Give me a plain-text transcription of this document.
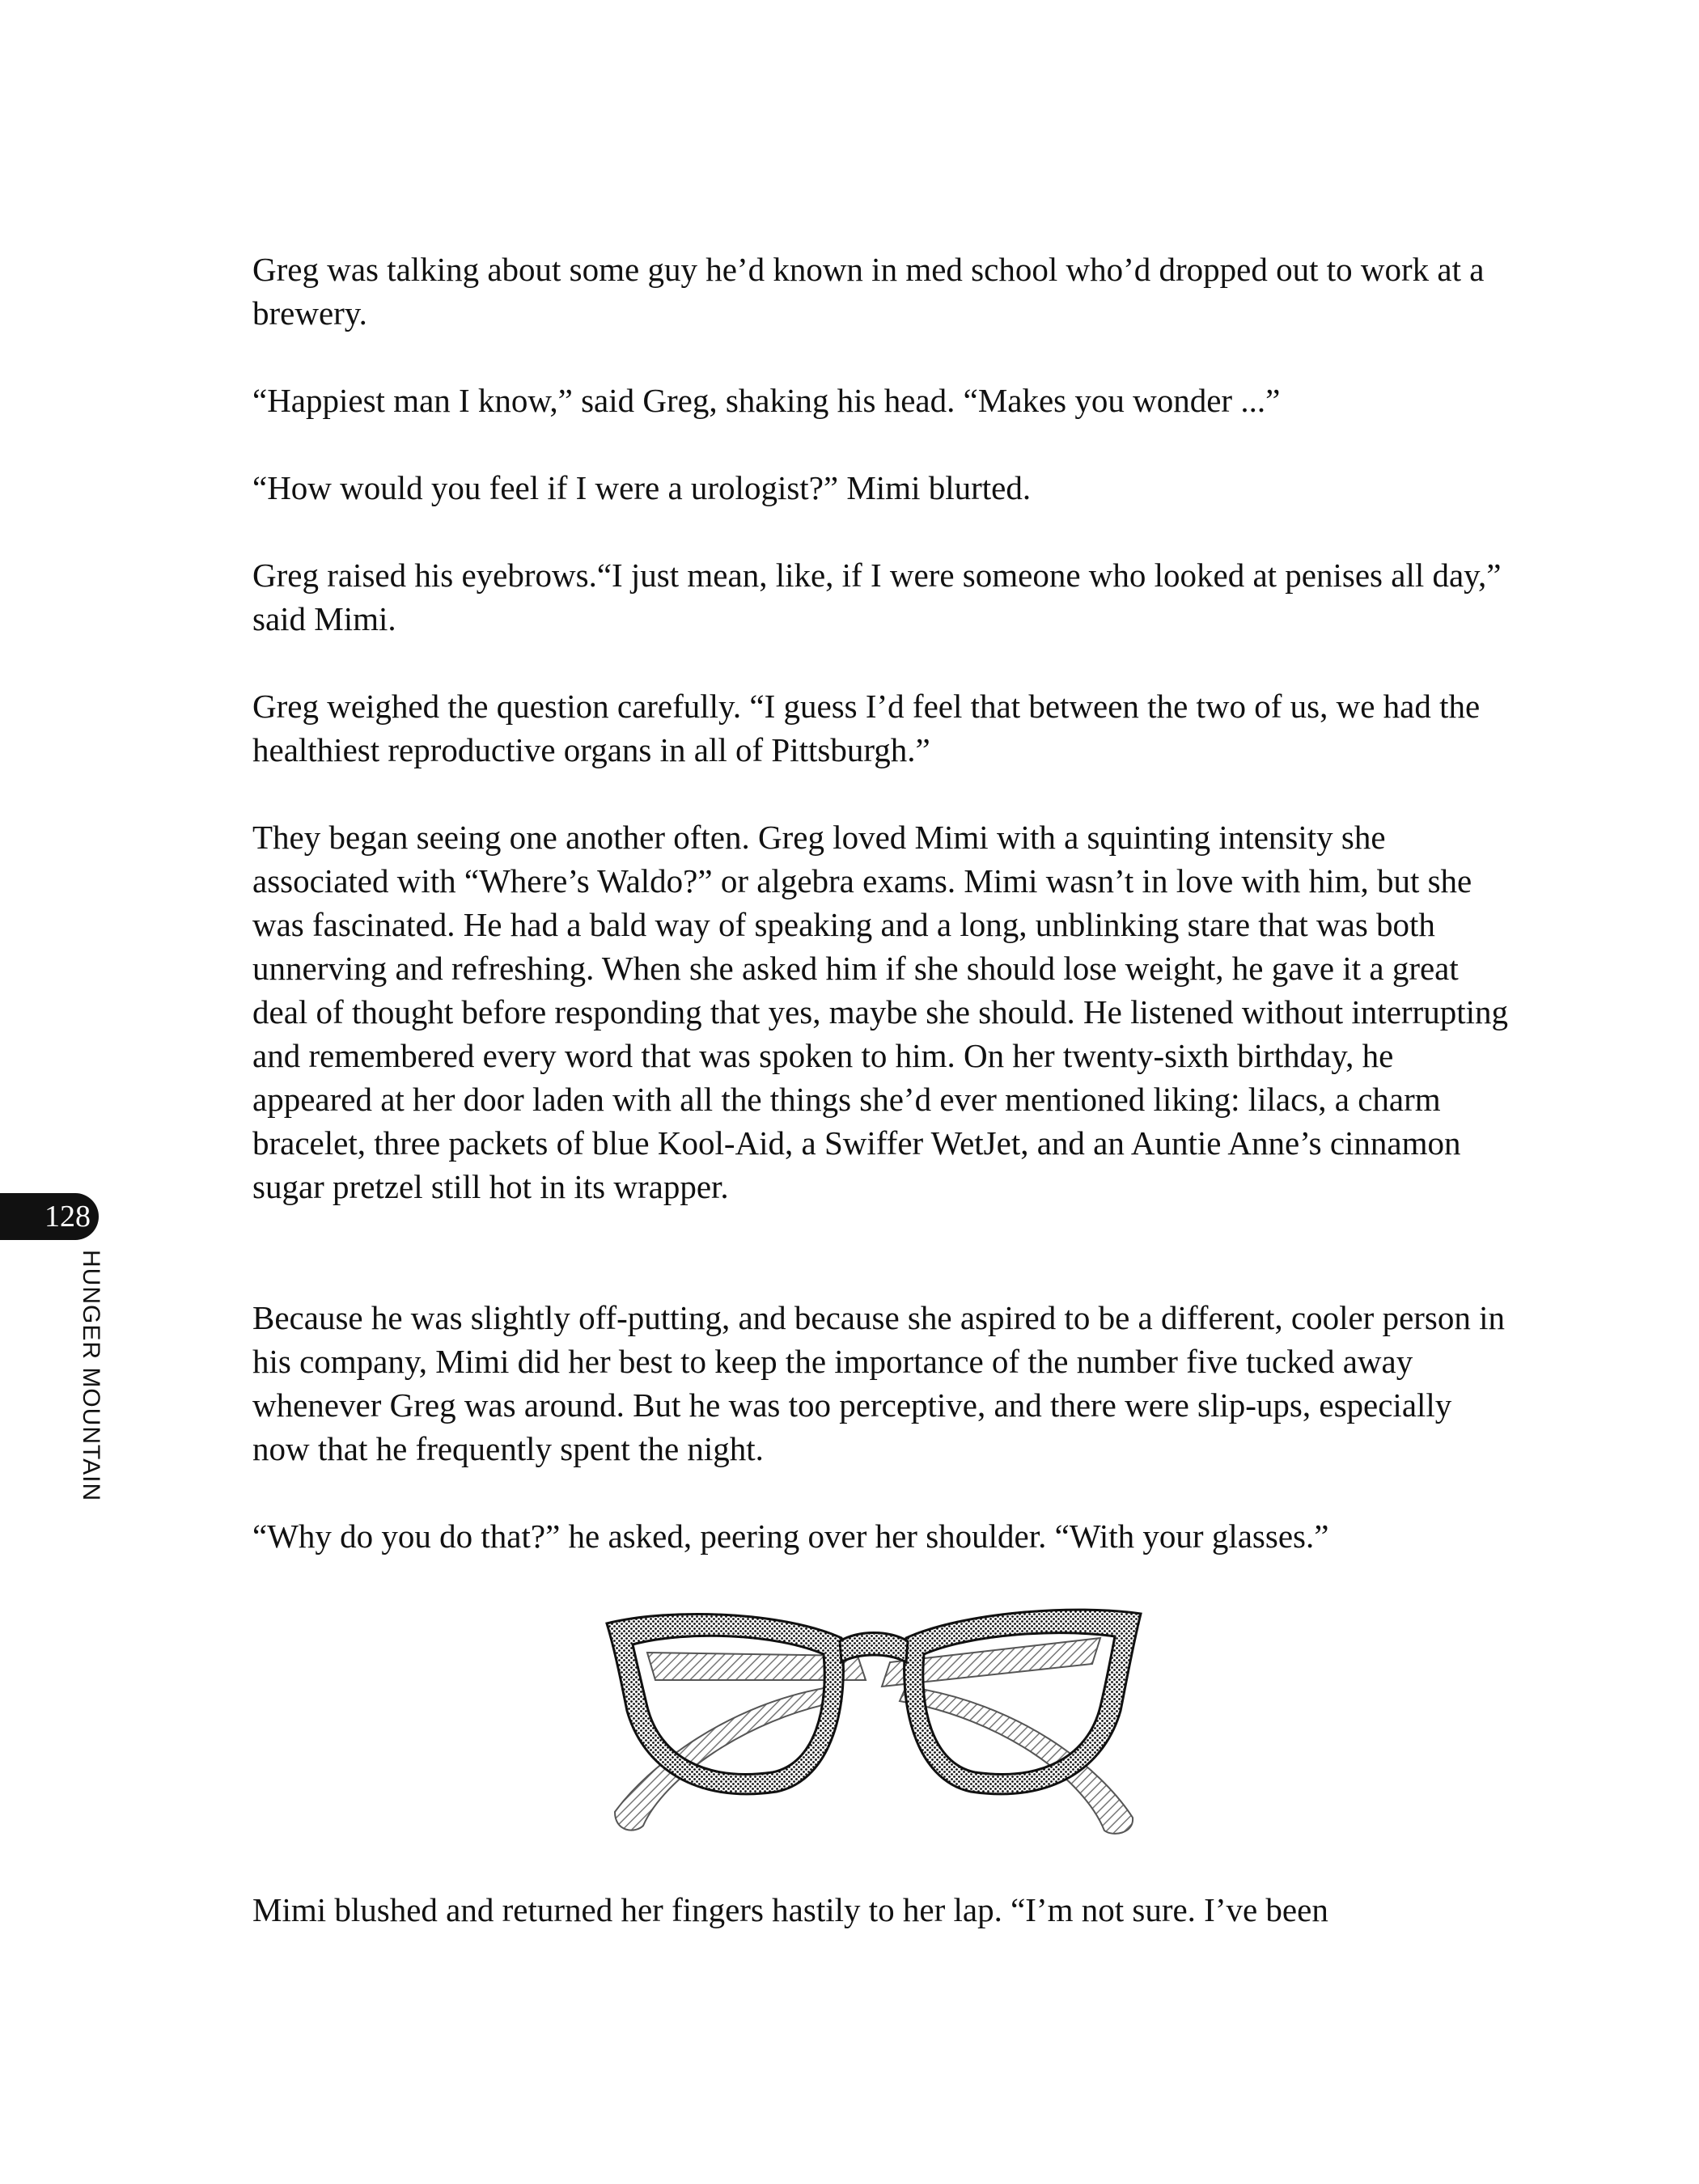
Greg was talking about some guy he’d known in med school who’d dropped out to work at a brewery.

“Happiest man I know,” said Greg, shaking his head. “Makes you wonder ...”

“How would you feel if I were a urologist?” Mimi blurted.

Greg raised his eyebrows.“I just mean, like, if I were someone who looked at penises all day,” said Mimi.

Greg weighed the question carefully. “I guess I’d feel that between the two of us, we had the healthiest reproductive organs in all of Pittsburgh.”

They began seeing one another often. Greg loved Mimi with a squinting intensity she associated with “Where’s Waldo?” or algebra exams. Mimi wasn’t in love with him, but she was fascinated. He had a bald way of speaking and a long, unblinking stare that was both unnerving and refreshing. When she asked him if she should lose weight, he gave it a great deal of thought before responding that yes, maybe she should. He listened without interrupting and remembered every word that was spoken to him. On her twenty-sixth birthday, he appeared at her door laden with all the things she’d ever mentioned liking: lilacs, a charm bracelet, three packets of blue Kool-Aid, a Swiffer WetJet, and an Auntie Anne’s cinnamon sugar pretzel still hot in its wrapper.

Because he was slightly off-putting, and because she aspired to be a different, cooler person in his company, Mimi did her best to keep the importance of the number five tucked away whenever Greg was around. But he was too perceptive, and there were slip-ups, especially now that he frequently spent the night.

“Why do you do that?” he asked, peering over her shoulder. “With your glasses.”

Mimi blushed and returned her fingers hastily to her lap. “I’m not sure. I’ve been

128
HUNGER MOUNTAIN
